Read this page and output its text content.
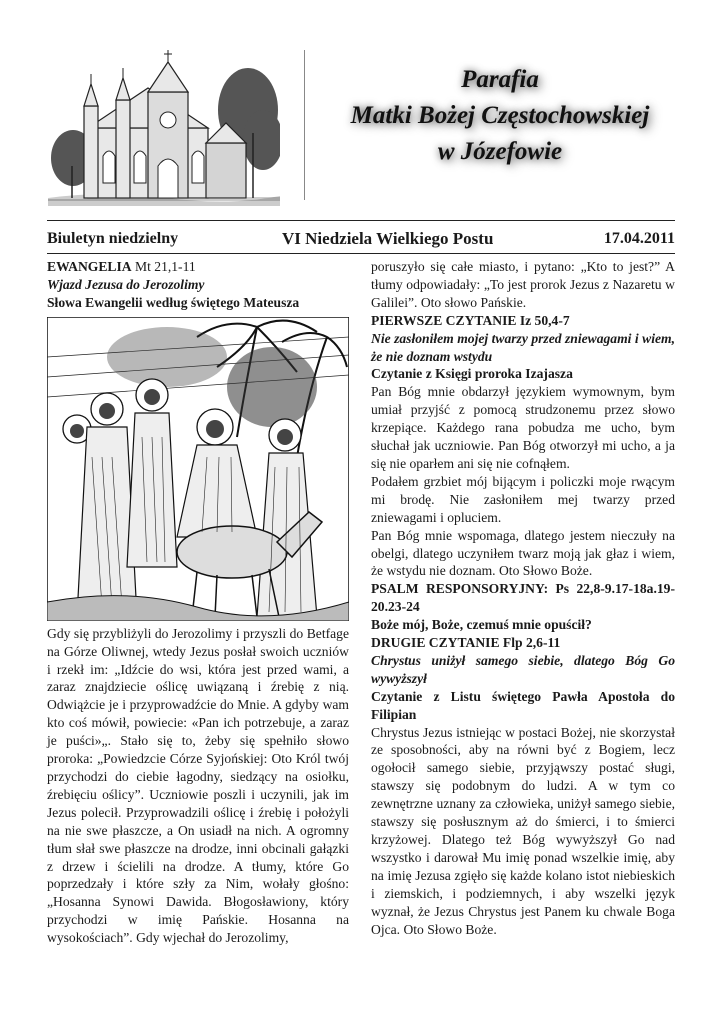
Parafia
Matki Bożej Częstochowskiej
w Józefowie
Biuletyn niedzielny	VI Niedziela Wielkiego Postu	17.04.2011

EWANGELIA Mt 21,1-11

Wjazd Jezusa do Jerozolimy

Słowa Ewangelii według świętego Mateusza

Gdy się przybliżyli do Jerozolimy i przyszli do Betfage na Górze Oliwnej, wtedy Jezus posłał swoich uczniów i rzekł im: „Idźcie do wsi, która jest przed wami, a zaraz znajdziecie oślicę uwiązaną i źrebię z nią. Odwiążcie je i przyprowadźcie do Mnie. A gdyby wam kto coś mówił, powiecie: «Pan ich potrzebuje, a zaraz je puści»„. Stało się to, żeby się spełniło słowo proroka: „Powiedzcie Córze Syjońskiej: Oto Król twój przychodzi do ciebie łagodny, siedzący na osiołku, źrebięciu oślicy”. Uczniowie poszli i uczynili, jak im Jezus polecił. Przyprowadzili oślicę i źrebię i położyli na nie swe płaszcze, a On usiadł na nich. A ogromny tłum słał swe płaszcze na drodze, inni obcinali gałązki z drzew i ścielili na drodze. A tłumy, które Go poprzedzały i które szły za Nim, wołały głośno: „Hosanna Synowi Dawida. Błogosławiony, który przychodzi w imię Pańskie. Hosanna na wysokościach”. Gdy wjechał do Jerozolimy,

poruszyło się całe miasto, i pytano: „Kto to jest?” A tłumy odpowiadały: „To jest prorok Jezus z Nazaretu w Galilei”. Oto słowo Pańskie.

PIERWSZE CZYTANIE Iz 50,4-7

Nie zasłoniłem mojej twarzy przed zniewagami i wiem, że nie doznam wstydu

Czytanie z Księgi proroka Izajasza

Pan Bóg mnie obdarzył językiem wymownym, bym umiał przyjść z pomocą strudzonemu przez słowo krzepiące. Każdego rana pobudza me ucho, bym słuchał jak uczniowie. Pan Bóg otworzył mi ucho, a ja się nie oparłem ani się nie cofnąłem.

Podałem grzbiet mój bijącym i policzki moje rwącym mi brodę. Nie zasłoniłem mej twarzy przed zniewagami i opluciem.

Pan Bóg mnie wspomaga, dlatego jestem nieczuły na obelgi, dlatego uczyniłem twarz moją jak głaz i wiem, że wstydu nie doznam. Oto Słowo Boże.

PSALM RESPONSORYJNY: Ps 22,8-9.17-18a.19-20.23-24

Boże mój, Boże, czemuś mnie opuścił?

DRUGIE CZYTANIE Flp 2,6-11

Chrystus uniżył samego siebie, dlatego Bóg Go wywyższył

Czytanie z Listu świętego Pawła Apostoła do Filipian

Chrystus Jezus istniejąc w postaci Bożej, nie skorzystał ze sposobności, aby na równi być z Bogiem, lecz ogołocił samego siebie, przyjąwszy postać sługi, stawszy się podobnym do ludzi. A w tym co zewnętrzne uznany za człowieka, uniżył samego siebie, stawszy się posłusznym aż do śmierci, i to śmierci krzyżowej. Dlatego też Bóg wywyższył Go nad wszystko i darował Mu imię ponad wszelkie imię, aby na imię Jezusa zgięło się każde kolano istot niebieskich i ziemskich, i podziemnych, i aby wszelki język wyznał, że Jezus Chrystus jest Panem ku chwale Boga Ojca. Oto Słowo Boże.
